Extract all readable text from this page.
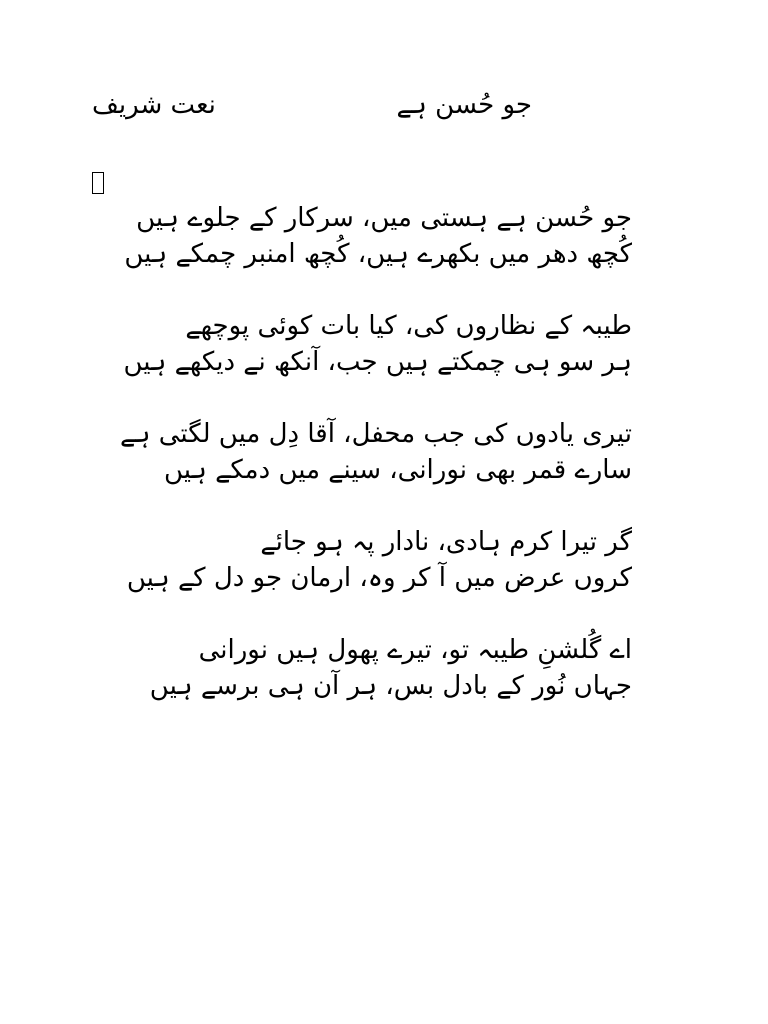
نعت شریف	جو حُسن ہے
جو حُسن ہے ہستی میں، سرکار کے جلوے ہیں
کُچھ دھر میں بکھرے ہیں، کُچھ امنبر چمکے ہیں
طیبہ کے نظاروں کی، کیا بات کوئی پوچھے
ہر سو ہی چمکتے ہیں جب، آنکھ نے دیکھے ہیں
تیری یادوں کی جب محفل، آقا دِل میں لگتی ہے
سارے قمر بھی نورانی، سینے میں دمکے ہیں
گر تیرا کرم ہادی، نادار پہ ہو جائے
کروں عرض میں آ کر وہ، ارمان جو دل کے ہیں
اے گُلشنِ طیبہ تو، تیرے پھول ہیں نورانی
جہاں نُور کے بادل بس، ہر آن ہی برسے ہیں
